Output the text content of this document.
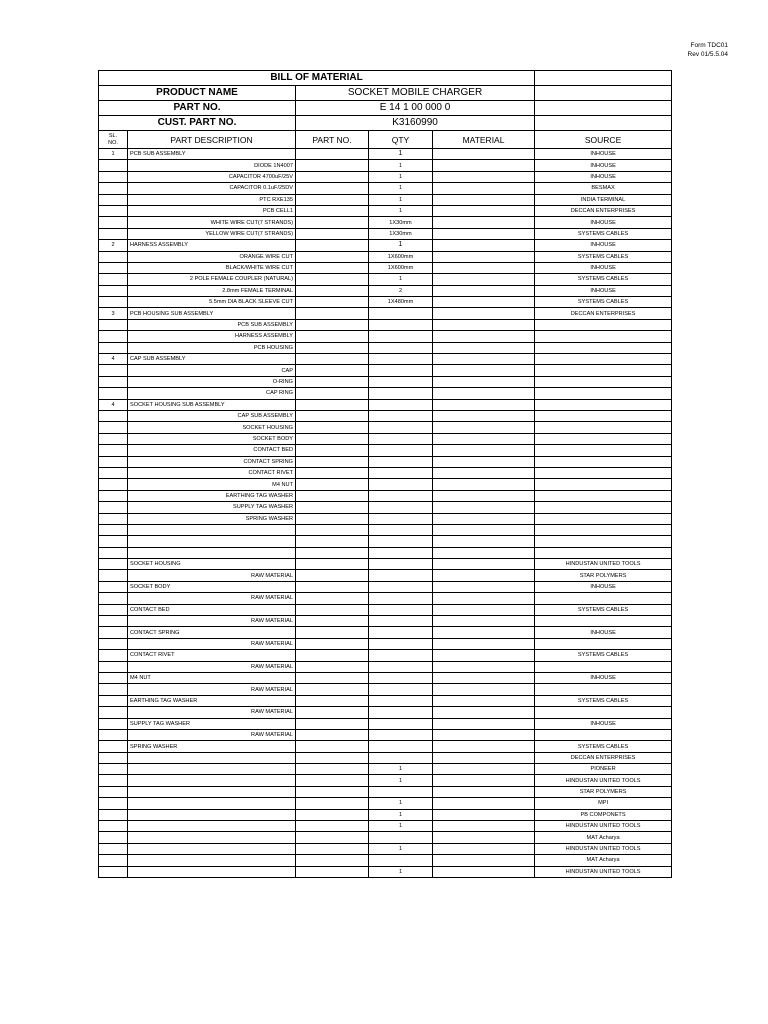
Form TDC01
Rev 01/5.5.04
BILL OF MATERIAL					
PRODUCT NAME		SOCKET MOBILE CHARGER			
PART NO.		E 14 1 00 000 0			
CUST. PART NO.		K3160990			
SL.
NO.	PART DESCRIPTION	PART NO.	QTY	MATERIAL	SOURCE
1	PCB SUB ASSEMBLY		1		INHOUSE
	DIODE 1N4007		1		INHOUSE
	CAPACITOR 4700uF/25V		1		INHOUSE
	CAPACITOR 0.1uF/25DV		1		BESMAX
	PTC RXE135		1		INDIA TERMINAL
	PCB CELL1		1		DECCAN ENTERPRISES
	WHITE WIRE CUT(7 STRANDS)		1X30mm		INHOUSE
	YELLOW WIRE CUT(7 STRANDS)		1X30mm		SYSTEMS CABLES
2	HARNESS ASSEMBLY		1		INHOUSE
	ORANGE WIRE CUT		1X600mm		SYSTEMS CABLES
	BLACK/WHITE WIRE CUT		1X600mm		INHOUSE
	2 POLE FEMALE COUPLER (NATURAL)		1		SYSTEMS CABLES
	2.8mm FEMALE TERMINAL		2		INHOUSE
	5.5mm DIA BLACK SLEEVE CUT		1X480mm		SYSTEMS CABLES
3	PCB HOUSING SUB ASSEMBLY				DECCAN ENTERPRISES
	PCB SUB ASSEMBLY				
	HARNESS ASSEMBLY				
	PCB HOUSING				
4	CAP SUB ASSEMBLY				
	CAP				
	O-RING				
	CAP RING				
4	SOCKET HOUSING SUB ASSEMBLY				
	CAP SUB ASSEMBLY				
	SOCKET HOUSING				
	SOCKET BODY				
	CONTACT BED				
	CONTACT SPRING				
	CONTACT RIVET				
	M4 NUT				
	EARTHING TAG WASHER				
	SUPPLY TAG WASHER				
	SPRING WASHER				

	SOCKET HOUSING				HINDUSTAN UNITED TOOLS
	RAW MATERIAL				STAR POLYMERS
	SOCKET BODY				INHOUSE
	RAW MATERIAL				
	CONTACT BED				SYSTEMS CABLES
	RAW MATERIAL				
	CONTACT SPRING				INHOUSE
	RAW MATERIAL				
	CONTACT RIVET				SYSTEMS CABLES
	RAW MATERIAL				
	M4 NUT				INHOUSE
	RAW MATERIAL				
	EARTHING TAG WASHER				SYSTEMS CABLES
	RAW MATERIAL				
	SUPPLY TAG WASHER				INHOUSE
	RAW MATERIAL				
	SPRING WASHER				SYSTEMS CABLES
					DECCAN ENTERPRISES
			1		PIONEER
			1		HINDUSTAN UNITED TOOLS
					STAR POLYMERS
			1		MPI
			1		PB COMPONETS
			1		HINDUSTAN UNITED TOOLS
					MAT Acharya
			1		HINDUSTAN UNITED TOOLS
					MAT Acharya
			1		HINDUSTAN UNITED TOOLS
